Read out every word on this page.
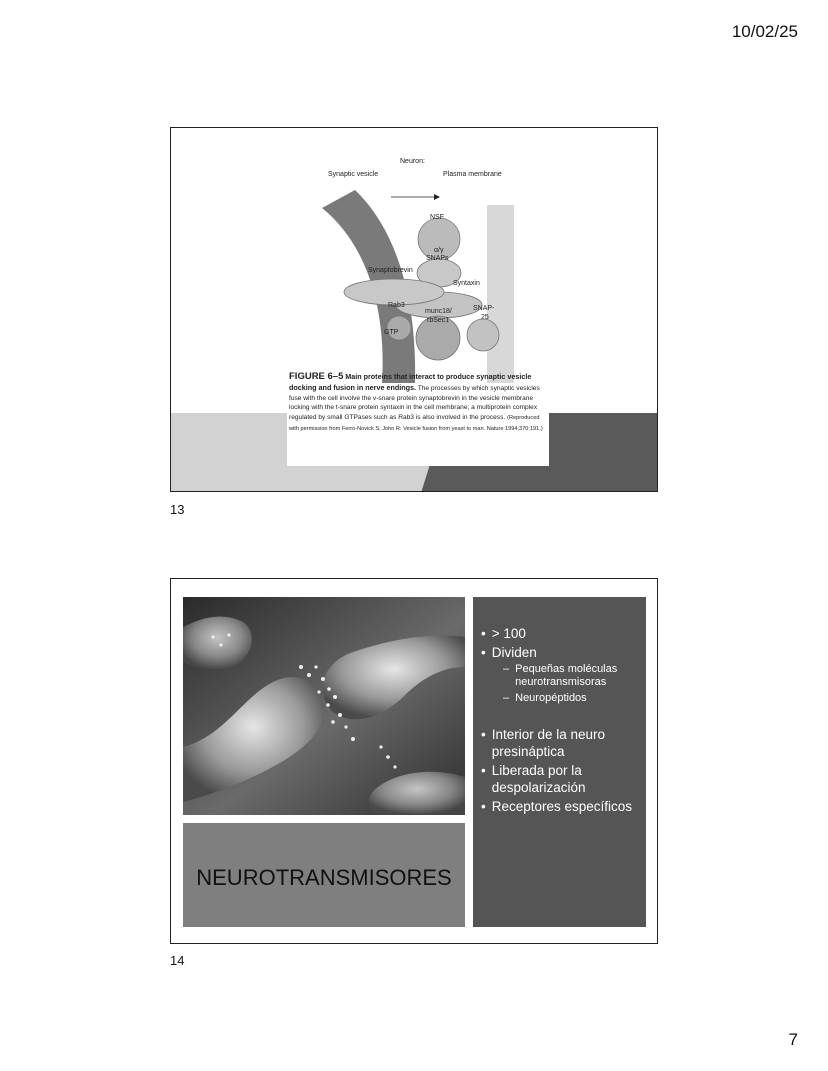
10/02/25
Neuron:
Synaptic vesicle	Plasma membrane
NSF
α/γ
SNAPs
Synaptobrevin
Syntaxin
Rab3
munc18/
rbSec1
SNAP-
25
GTP
FIGURE 6–5 Main proteins that interact to produce synaptic vesicle docking and fusion in nerve endings. The processes by which synaptic vesicles fuse with the cell involve the v-snare protein synaptobrevin in the vesicle membrane locking with the t-snare protein syntaxin in the cell membrane; a multiprotein complex regulated by small GTPases such as Rab3 is also involved in the process. (Reproduced with permission from Ferro-Novick S, John R: Vesicle fusion from yeast to man. Nature 1994;370:191.)
13
NEUROTRANSMISORES
• > 100
• Dividen
– Pequeñas moléculas neurotransmisoras
– Neuropéptidos
• Interior de la neuro presináptica
• Liberada por la despolarización
• Receptores específicos
14
7
